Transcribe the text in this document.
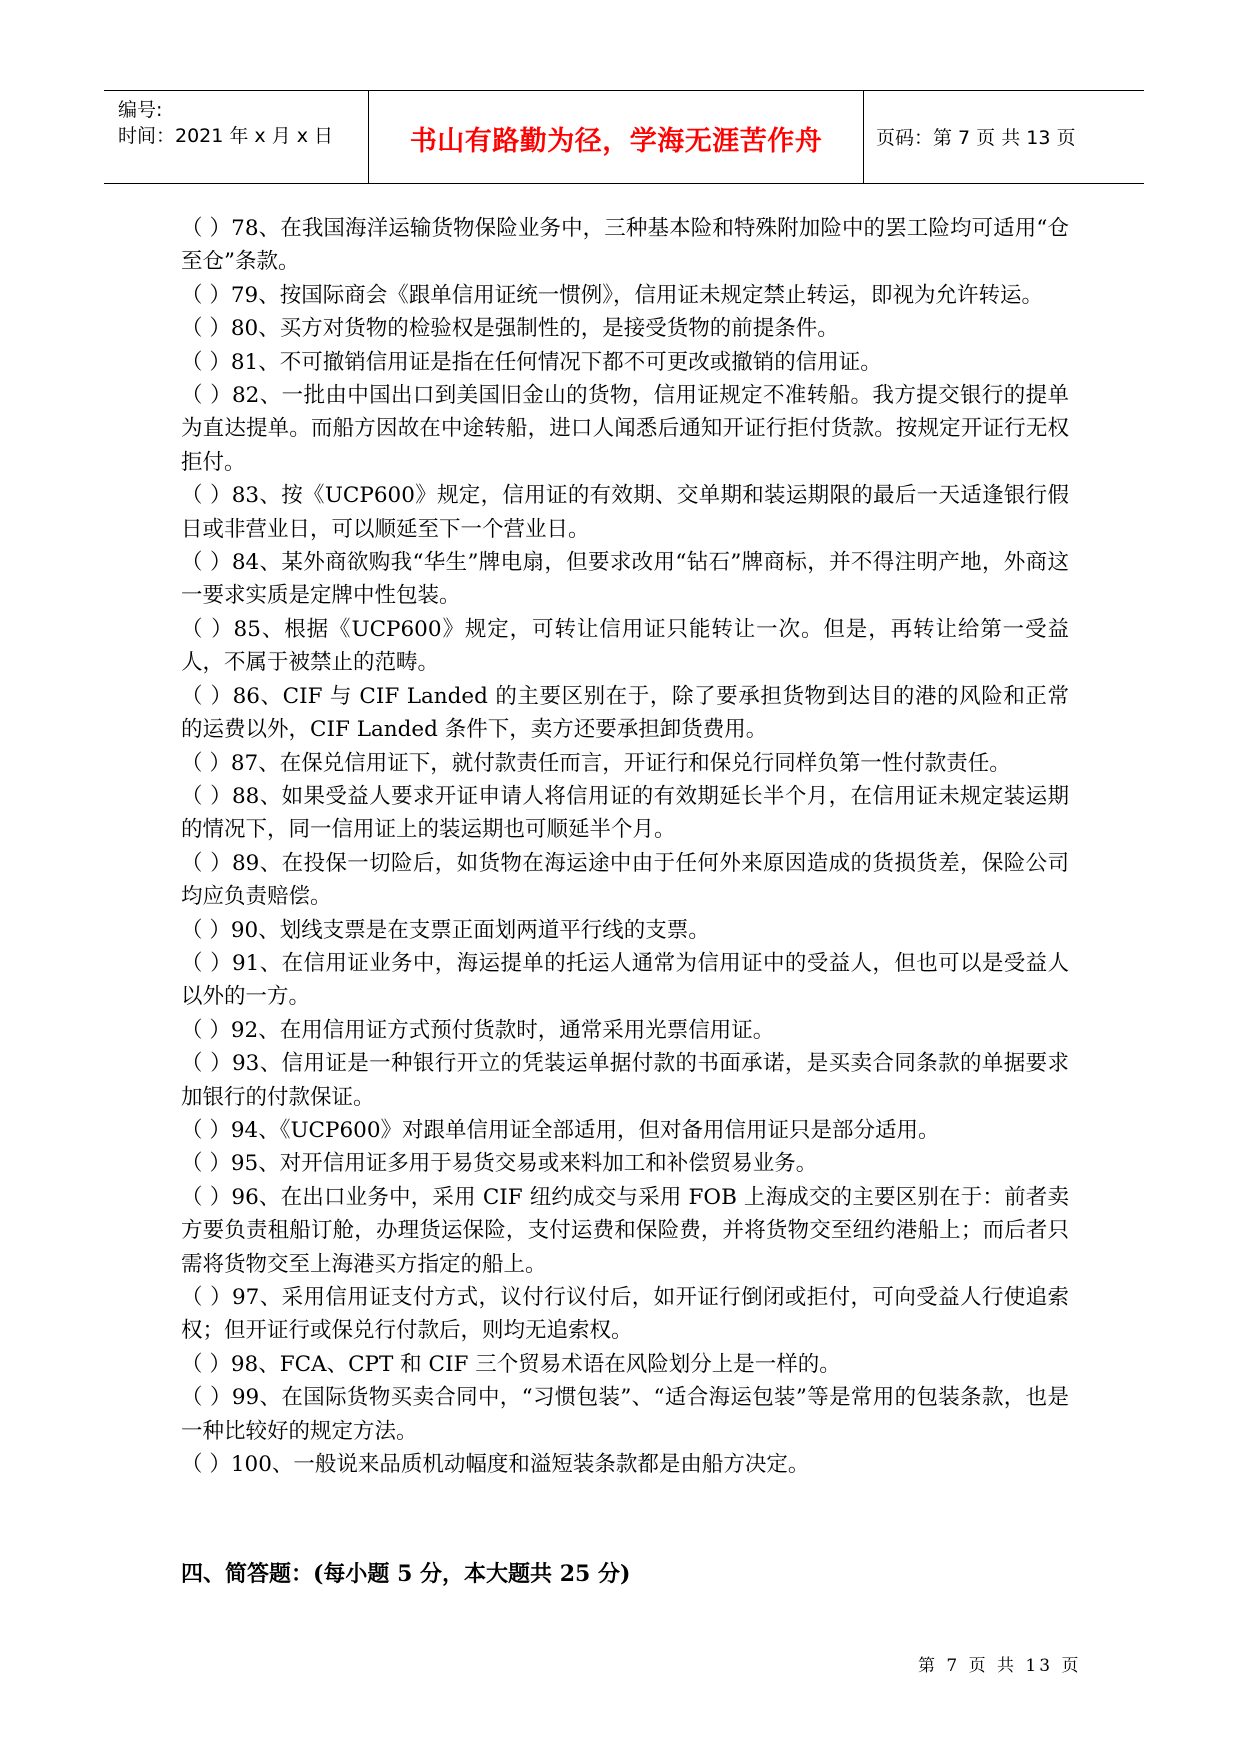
编号:
时间：2021 年 x 月 x 日	书山有路勤为径，学海无涯苦作舟	页码：第 7 页 共 13 页

（ ）78、在我国海洋运输货物保险业务中，三种基本险和特殊附加险中的罢工险均可适用“仓至仓”条款。

（ ）79、按国际商会《跟单信用证统一惯例》，信用证未规定禁止转运，即视为允许转运。

（ ）80、买方对货物的检验权是强制性的，是接受货物的前提条件。

（ ）81、不可撤销信用证是指在任何情况下都不可更改或撤销的信用证。

（ ）82、一批由中国出口到美国旧金山的货物，信用证规定不准转船。我方提交银行的提单为直达提单。而船方因故在中途转船，进口人闻悉后通知开证行拒付货款。按规定开证行无权拒付。

（ ）83、按《UCP600》规定，信用证的有效期、交单期和装运期限的最后一天适逢银行假日或非营业日，可以顺延至下一个营业日。

（ ）84、某外商欲购我“华生”牌电扇，但要求改用“钻石”牌商标，并不得注明产地，外商这一要求实质是定牌中性包装。

（ ）85、根据《UCP600》规定，可转让信用证只能转让一次。但是，再转让给第一受益人，不属于被禁止的范畴。

（ ）86、CIF 与 CIF Landed 的主要区别在于，除了要承担货物到达目的港的风险和正常的运费以外，CIF Landed 条件下，卖方还要承担卸货费用。

（ ）87、在保兑信用证下，就付款责任而言，开证行和保兑行同样负第一性付款责任。

（ ）88、如果受益人要求开证申请人将信用证的有效期延长半个月，在信用证未规定装运期的情况下，同一信用证上的装运期也可顺延半个月。

（ ）89、在投保一切险后，如货物在海运途中由于任何外来原因造成的货损货差，保险公司均应负责赔偿。

（ ）90、划线支票是在支票正面划两道平行线的支票。

（ ）91、在信用证业务中，海运提单的托运人通常为信用证中的受益人，但也可以是受益人以外的一方。

（ ）92、在用信用证方式预付货款时，通常采用光票信用证。

（ ）93、信用证是一种银行开立的凭装运单据付款的书面承诺，是买卖合同条款的单据要求加银行的付款保证。

（ ）94、《UCP600》对跟单信用证全部适用，但对备用信用证只是部分适用。

（ ）95、对开信用证多用于易货交易或来料加工和补偿贸易业务。

（ ）96、在出口业务中，采用 CIF 纽约成交与采用 FOB 上海成交的主要区别在于：前者卖方要负责租船订舱，办理货运保险，支付运费和保险费，并将货物交至纽约港船上；而后者只需将货物交至上海港买方指定的船上。

（ ）97、采用信用证支付方式，议付行议付后，如开证行倒闭或拒付，可向受益人行使追索权；但开证行或保兑行付款后，则均无追索权。

（ ）98、FCA、CPT 和 CIF 三个贸易术语在风险划分上是一样的。

（ ）99、在国际货物买卖合同中，“习惯包装”、“适合海运包装”等是常用的包装条款，也是一种比较好的规定方法。

（ ）100、一般说来品质机动幅度和溢短装条款都是由船方决定。

四、简答题：(每小题 5 分，本大题共 25 分)
第 7 页 共 13 页
